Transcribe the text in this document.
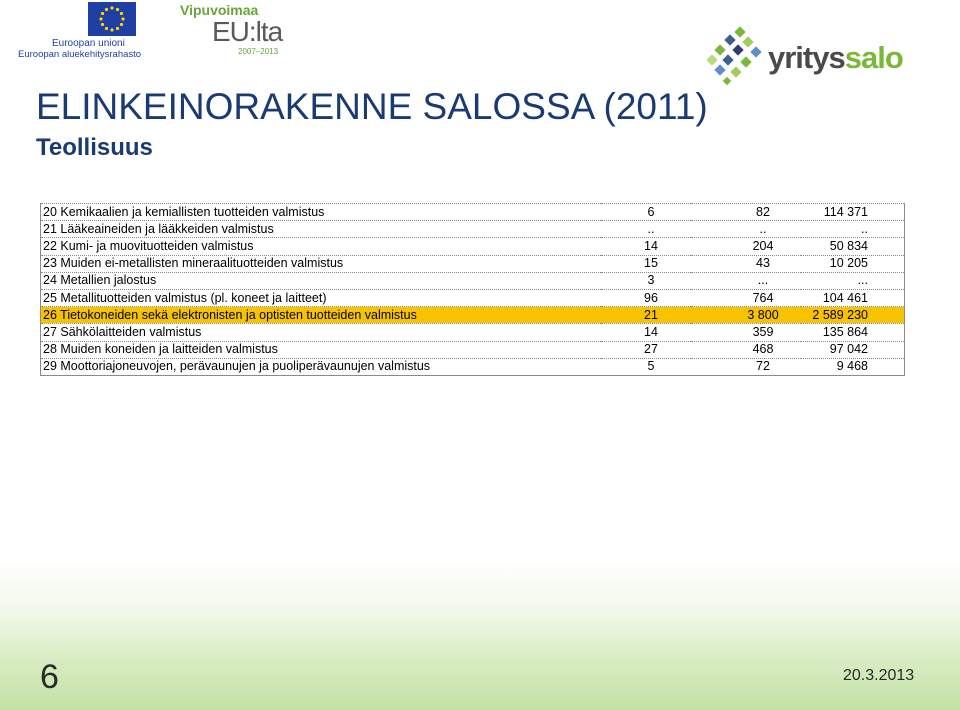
Euroopan unioni
Euroopan aluekehitysrahasto
Vipuvoimaa
EU:lta
2007–2013	yrityssalo
ELINKEINORAKENNE SALOSSA (2011)
Teollisuus
20 Kemikaalien ja kemiallisten tuotteiden valmistus	6	82	114 371
21 Lääkeaineiden ja lääkkeiden valmistus	..	..	..
22 Kumi- ja muovituotteiden valmistus	14	204	50 834
23 Muiden ei-metallisten mineraalituotteiden valmistus	15	43	10 205
24 Metallien jalostus	3	...	...
25 Metallituotteiden valmistus (pl. koneet ja laitteet)	96	764	104 461
26 Tietokoneiden sekä elektronisten ja optisten tuotteiden valmistus	21	3 800	2 589 230
27 Sähkölaitteiden valmistus	14	359	135 864
28 Muiden koneiden ja laitteiden valmistus	27	468	97 042
29 Moottoriajoneuvojen, perävaunujen ja puoliperävaunujen valmistus	5	72	9 468
6	20.3.2013
